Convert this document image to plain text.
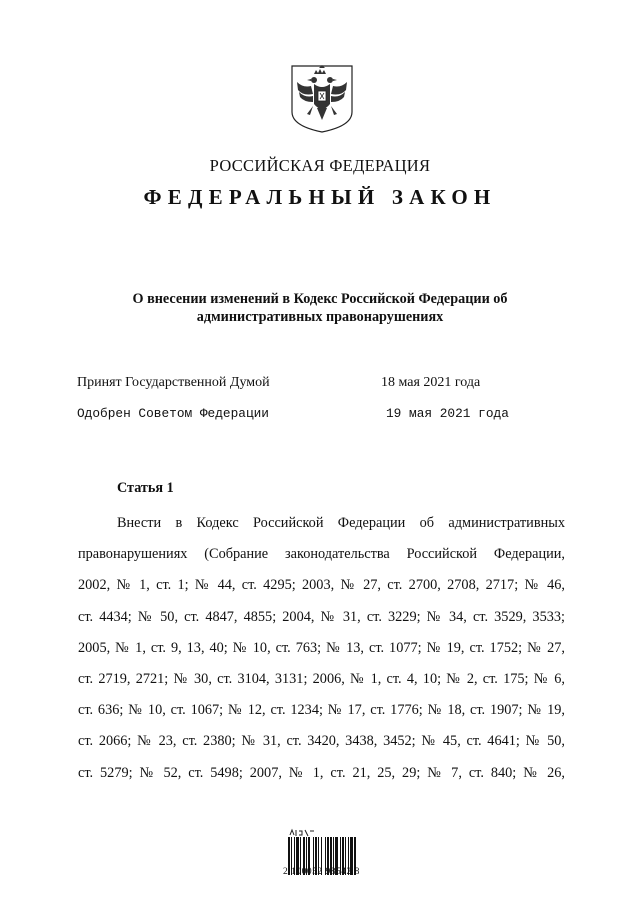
РОССИЙСКАЯ ФЕДЕРАЦИЯ
ФЕДЕРАЛЬНЫЙ ЗАКОН
О внесении изменений в Кодекс Российской Федерации об
административных правонарушениях
Принят Государственной Думой	18 мая 2021 года
Одобрен Советом Федерации	19 мая 2021 года
Статья 1
Внести в Кодекс Российской Федерации об административных
правонарушениях (Собрание законодательства Российской Федерации,
2002, № 1, ст. 1; № 44, ст. 4295; 2003, № 27, ст. 2700, 2708, 2717; № 46,
ст. 4434; № 50, ст. 4847, 4855; 2004, № 31, ст. 3229; № 34, ст. 3529, 3533;
2005, № 1, ст. 9, 13, 40; № 10, ст. 763; № 13, ст. 1077; № 19, ст. 1752; № 27,
ст. 2719, 2721; № 30, ст. 3104, 3131; 2006, № 1, ст. 4, 10; № 2, ст. 175; № 6,
ст. 636; № 10, ст. 1067; № 12, ст. 1234; № 17, ст. 1776; № 18, ст. 1907; № 19,
ст. 2066; № 23, ст. 2380; № 31, ст. 3420, 3438, 3452; № 45, ст. 4641; № 50,
ст. 5279; № 52, ст. 5498; 2007, № 1, ст. 21, 25, 29; № 7, ст. 840; № 26,
2 100052 98542 8
